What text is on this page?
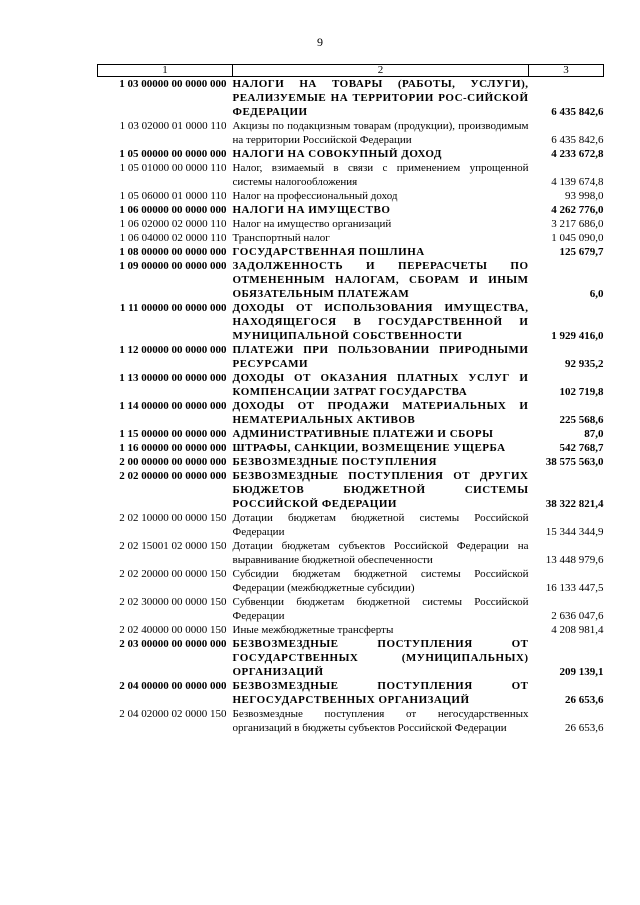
9
1	2	3
1 03 00000 00 0000 000	НАЛОГИ НА ТОВАРЫ (РАБОТЫ, УСЛУГИ), РЕАЛИЗУЕМЫЕ НА ТЕРРИТОРИИ РОС-СИЙСКОЙ ФЕДЕРАЦИИ	6 435 842,6
1 03 02000 01 0000 110	Акцизы по подакцизным товарам (продукции), производимым на территории Российской Федерации	6 435 842,6
1 05 00000 00 0000 000	НАЛОГИ НА СОВОКУПНЫЙ ДОХОД	4 233 672,8
1 05 01000 00 0000 110	Налог, взимаемый в связи с применением упрощенной системы налогообложения	4 139 674,8
1 05 06000 01 0000 110	Налог на профессиональный доход	93 998,0
1 06 00000 00 0000 000	НАЛОГИ НА ИМУЩЕСТВО	4 262 776,0
1 06 02000 02 0000 110	Налог на имущество организаций	3 217 686,0
1 06 04000 02 0000 110	Транспортный налог	1 045 090,0
1 08 00000 00 0000 000	ГОСУДАРСТВЕННАЯ ПОШЛИНА	125 679,7
1 09 00000 00 0000 000	ЗАДОЛЖЕННОСТЬ И ПЕРЕРАСЧЕТЫ ПО ОТМЕНЕННЫМ НАЛОГАМ, СБОРАМ И ИНЫМ ОБЯЗАТЕЛЬНЫМ ПЛАТЕЖАМ	6,0
1 11 00000 00 0000 000	ДОХОДЫ ОТ ИСПОЛЬЗОВАНИЯ ИМУЩЕСТВА, НАХОДЯЩЕГОСЯ В ГОСУДАРСТВЕННОЙ И МУНИЦИПАЛЬНОЙ СОБСТВЕННОСТИ	1 929 416,0
1 12 00000 00 0000 000	ПЛАТЕЖИ ПРИ ПОЛЬЗОВАНИИ ПРИРОДНЫМИ РЕСУРСАМИ	92 935,2
1 13 00000 00 0000 000	ДОХОДЫ ОТ ОКАЗАНИЯ ПЛАТНЫХ УСЛУГ И КОМПЕНСАЦИИ ЗАТРАТ ГОСУДАРСТВА	102 719,8
1 14 00000 00 0000 000	ДОХОДЫ ОТ ПРОДАЖИ МАТЕРИАЛЬНЫХ И НЕМАТЕРИАЛЬНЫХ АКТИВОВ	225 568,6
1 15 00000 00 0000 000	АДМИНИСТРАТИВНЫЕ ПЛАТЕЖИ И СБОРЫ	87,0
1 16 00000 00 0000 000	ШТРАФЫ, САНКЦИИ, ВОЗМЕЩЕНИЕ УЩЕРБА	542 768,7
2 00 00000 00 0000 000	БЕЗВОЗМЕЗДНЫЕ ПОСТУПЛЕНИЯ	38 575 563,0
2 02 00000 00 0000 000	БЕЗВОЗМЕЗДНЫЕ ПОСТУПЛЕНИЯ ОТ ДРУГИХ БЮДЖЕТОВ БЮДЖЕТНОЙ СИСТЕМЫ РОССИЙСКОЙ ФЕДЕРАЦИИ	38 322 821,4
2 02 10000 00 0000 150	Дотации бюджетам бюджетной системы Российской Федерации	15 344 344,9
2 02 15001 02 0000 150	Дотации бюджетам субъектов Российской Федерации на выравнивание бюджетной обеспеченности	13 448 979,6
2 02 20000 00 0000 150	Субсидии бюджетам бюджетной системы Российской Федерации (межбюджетные субсидии)	16 133 447,5
2 02 30000 00 0000 150	Субвенции бюджетам бюджетной системы Российской Федерации	2 636 047,6
2 02 40000 00 0000 150	Иные межбюджетные трансферты	4 208 981,4
2 03 00000 00 0000 000	БЕЗВОЗМЕЗДНЫЕ ПОСТУПЛЕНИЯ ОТ ГОСУДАРСТВЕННЫХ (МУНИЦИПАЛЬНЫХ) ОРГАНИЗАЦИЙ	209 139,1
2 04 00000 00 0000 000	БЕЗВОЗМЕЗДНЫЕ ПОСТУПЛЕНИЯ ОТ НЕГОСУДАРСТВЕННЫХ ОРГАНИЗАЦИЙ	26 653,6
2 04 02000 02 0000 150	Безвозмездные поступления от негосударственных организаций в бюджеты субъектов Российской Федерации	26 653,6
